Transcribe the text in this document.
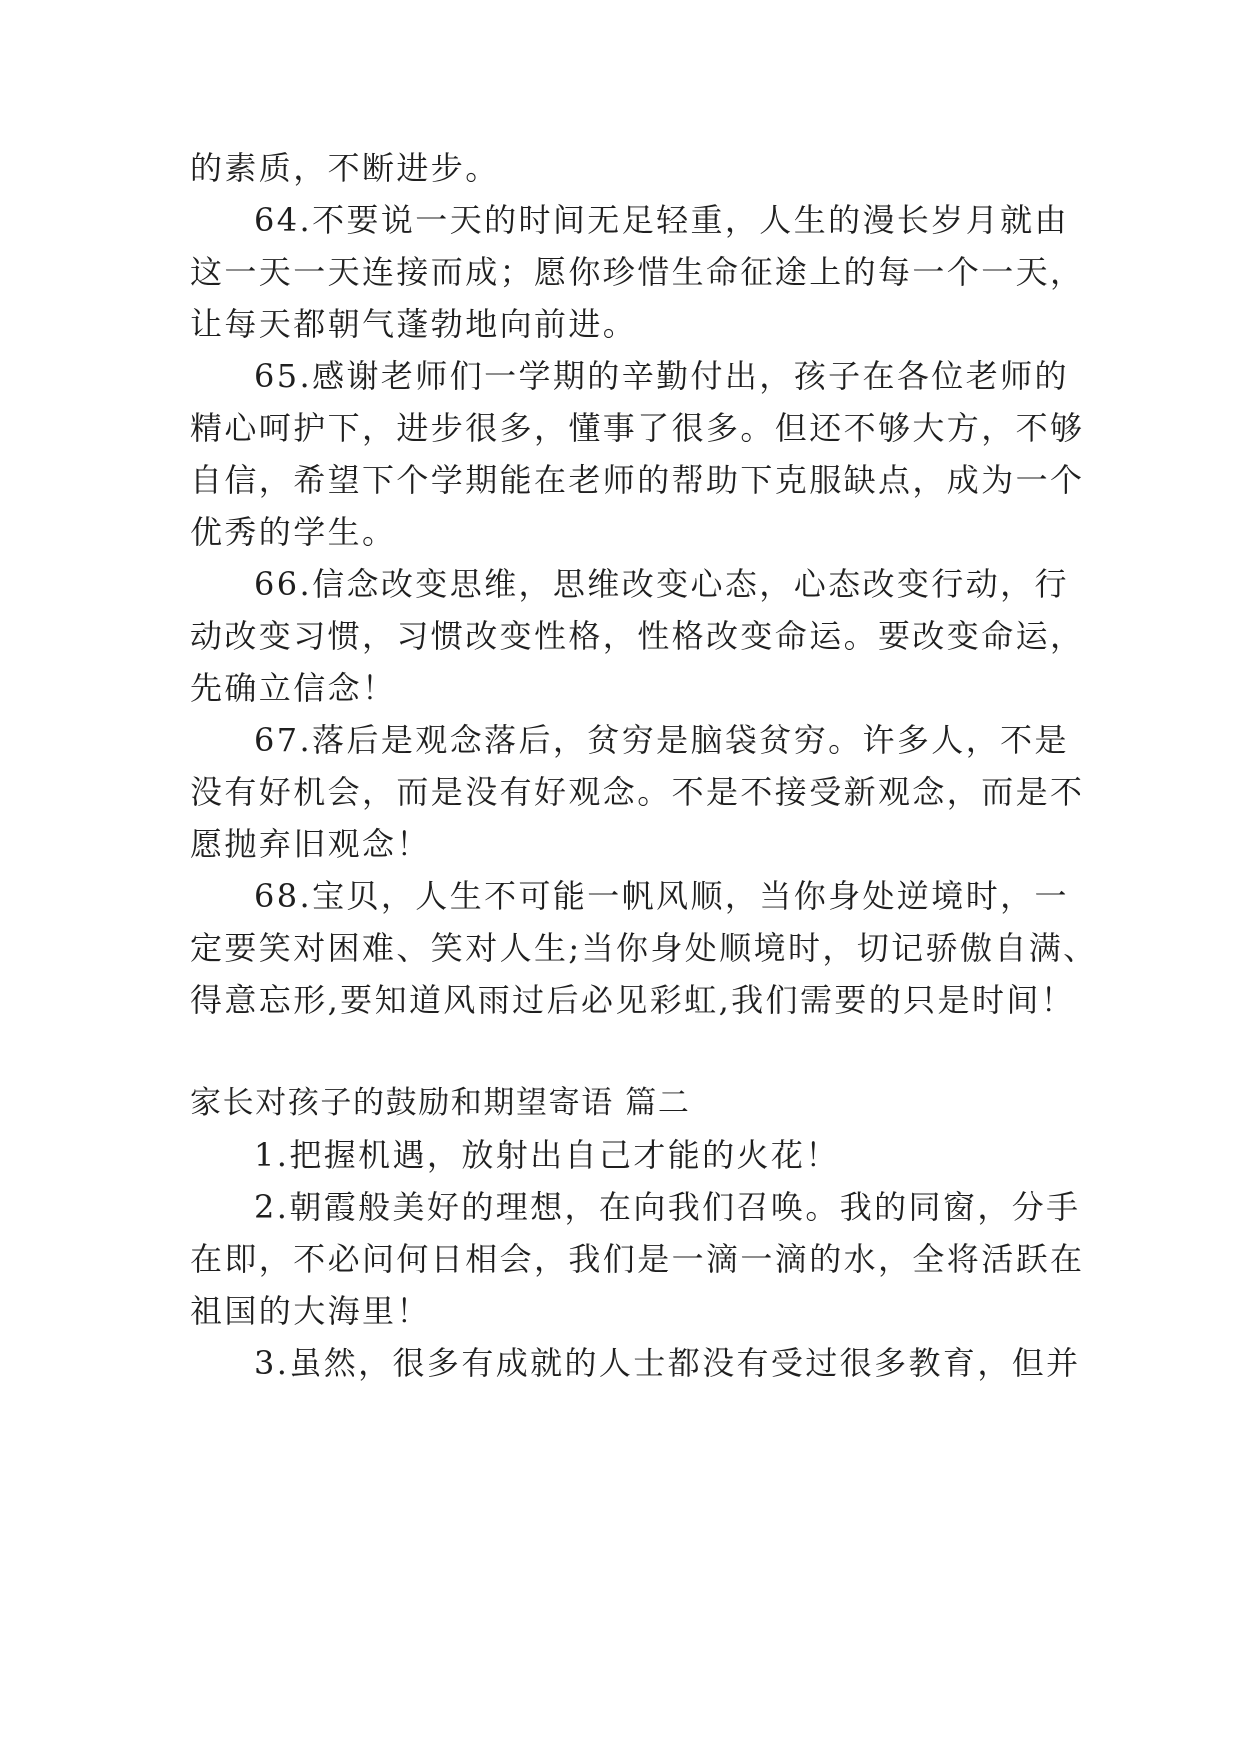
的素质，不断进步。
64.不要说一天的时间无足轻重，人生的漫长岁月就由
这一天一天连接而成；愿你珍惜生命征途上的每一个一天，
让每天都朝气蓬勃地向前进。
65.感谢老师们一学期的辛勤付出，孩子在各位老师的
精心呵护下，进步很多，懂事了很多。但还不够大方，不够
自信，希望下个学期能在老师的帮助下克服缺点，成为一个
优秀的学生。
66.信念改变思维，思维改变心态，心态改变行动，行
动改变习惯，习惯改变性格，性格改变命运。要改变命运，
先确立信念！
67.落后是观念落后，贫穷是脑袋贫穷。许多人，不是
没有好机会，而是没有好观念。不是不接受新观念，而是不
愿抛弃旧观念！
68.宝贝，人生不可能一帆风顺，当你身处逆境时，一
定要笑对困难、笑对人生;当你身处顺境时，切记骄傲自满、
得意忘形,要知道风雨过后必见彩虹,我们需要的只是时间！
家长对孩子的鼓励和期望寄语 篇二
1.把握机遇，放射出自己才能的火花！
2.朝霞般美好的理想，在向我们召唤。我的同窗，分手
在即，不必问何日相会，我们是一滴一滴的水，全将活跃在
祖国的大海里！
3.虽然，很多有成就的人士都没有受过很多教育，但并
